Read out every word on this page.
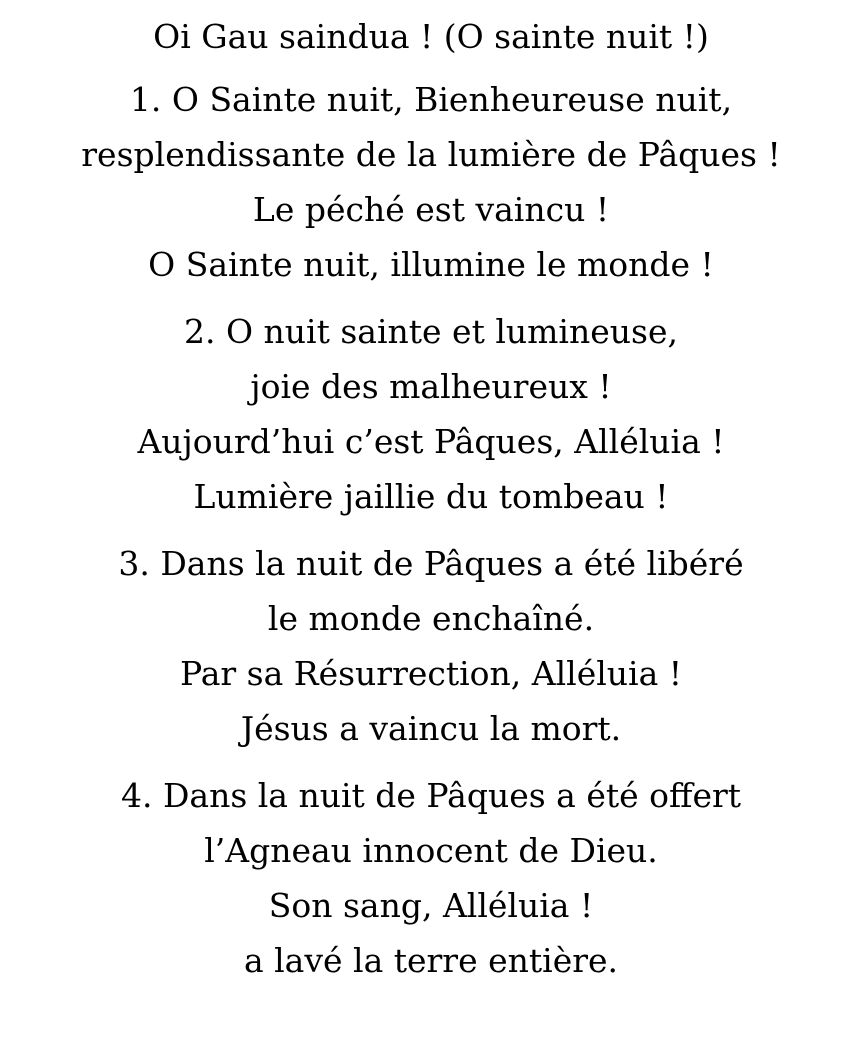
Oi Gau saindua ! (O sainte nuit !)
1. O Sainte nuit, Bienheureuse nuit,
resplendissante de la lumière de Pâques !
Le péché est vaincu !
O Sainte nuit, illumine le monde !
2. O nuit sainte et lumineuse,
joie des malheureux !
Aujourd’hui c’est Pâques, Alléluia !
Lumière jaillie du tombeau !
3. Dans la nuit de Pâques a été libéré
le monde enchaîné.
Par sa Résurrection, Alléluia !
Jésus a vaincu la mort.
4. Dans la nuit de Pâques a été offert
l’Agneau innocent de Dieu.
Son sang, Alléluia !
a lavé la terre entière.
